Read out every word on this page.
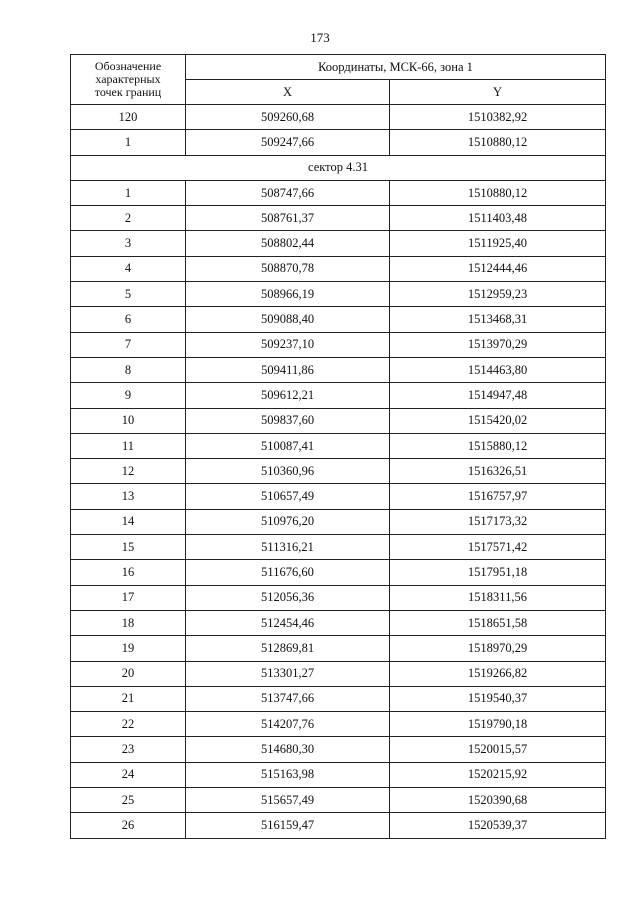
173
Обозначение
характерных
точек границ	Координаты, МСК-66, зона 1	
	X	Y
120	509260,68	1510382,92
1	509247,66	1510880,12
сектор 4.31		
1	508747,66	1510880,12
2	508761,37	1511403,48
3	508802,44	1511925,40
4	508870,78	1512444,46
5	508966,19	1512959,23
6	509088,40	1513468,31
7	509237,10	1513970,29
8	509411,86	1514463,80
9	509612,21	1514947,48
10	509837,60	1515420,02
11	510087,41	1515880,12
12	510360,96	1516326,51
13	510657,49	1516757,97
14	510976,20	1517173,32
15	511316,21	1517571,42
16	511676,60	1517951,18
17	512056,36	1518311,56
18	512454,46	1518651,58
19	512869,81	1518970,29
20	513301,27	1519266,82
21	513747,66	1519540,37
22	514207,76	1519790,18
23	514680,30	1520015,57
24	515163,98	1520215,92
25	515657,49	1520390,68
26	516159,47	1520539,37
